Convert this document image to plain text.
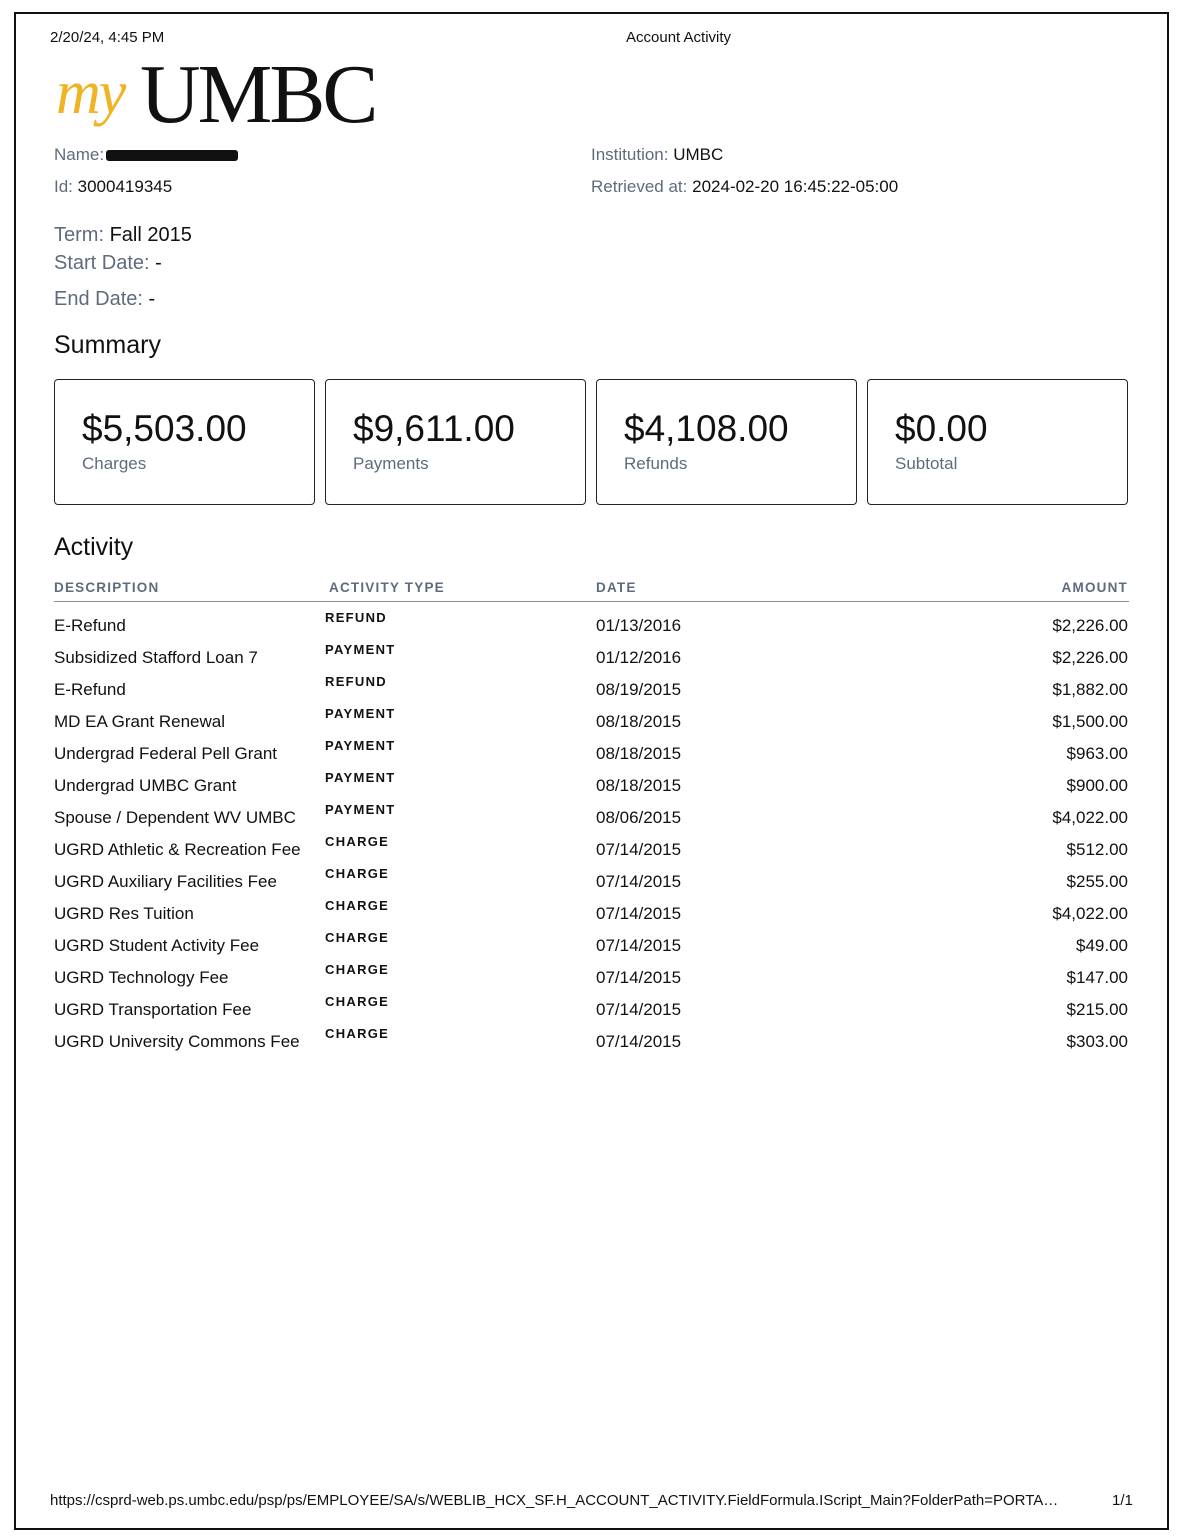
2/20/24, 4:45 PM	Account Activity
my UMBC
Name:
Id: 3000419345
Institution: UMBC
Retrieved at: 2024-02-20 16:45:22-05:00
Term: Fall 2015
Start Date: -
End Date: -
Summary
$5,503.00
Charges
$9,611.00
Payments
$4,108.00
Refunds
$0.00
Subtotal
Activity
DESCRIPTION	ACTIVITY TYPE	DATE	AMOUNT
E-Refund	REFUND	01/13/2016	$2,226.00
Subsidized Stafford Loan 7	PAYMENT	01/12/2016	$2,226.00
E-Refund	REFUND	08/19/2015	$1,882.00
MD EA Grant Renewal	PAYMENT	08/18/2015	$1,500.00
Undergrad Federal Pell Grant	PAYMENT	08/18/2015	$963.00
Undergrad UMBC Grant	PAYMENT	08/18/2015	$900.00
Spouse / Dependent WV UMBC PAYMENT	08/06/2015	$4,022.00
UGRD Athletic & Recreation Fee CHARGE	07/14/2015	$512.00
UGRD Auxiliary Facilities Fee	CHARGE	07/14/2015	$255.00
UGRD Res Tuition	CHARGE	07/14/2015	$4,022.00
UGRD Student Activity Fee	CHARGE	07/14/2015	$49.00
UGRD Technology Fee	CHARGE	07/14/2015	$147.00
UGRD Transportation Fee	CHARGE	07/14/2015	$215.00
UGRD University Commons Fee CHARGE	07/14/2015	$303.00
https://csprd-web.ps.umbc.edu/psp/ps/EMPLOYEE/SA/s/WEBLIB_HCX_SF.H_ACCOUNT_ACTIVITY.FieldFormula.IScript_Main?FolderPath=PORTA…	1/1
